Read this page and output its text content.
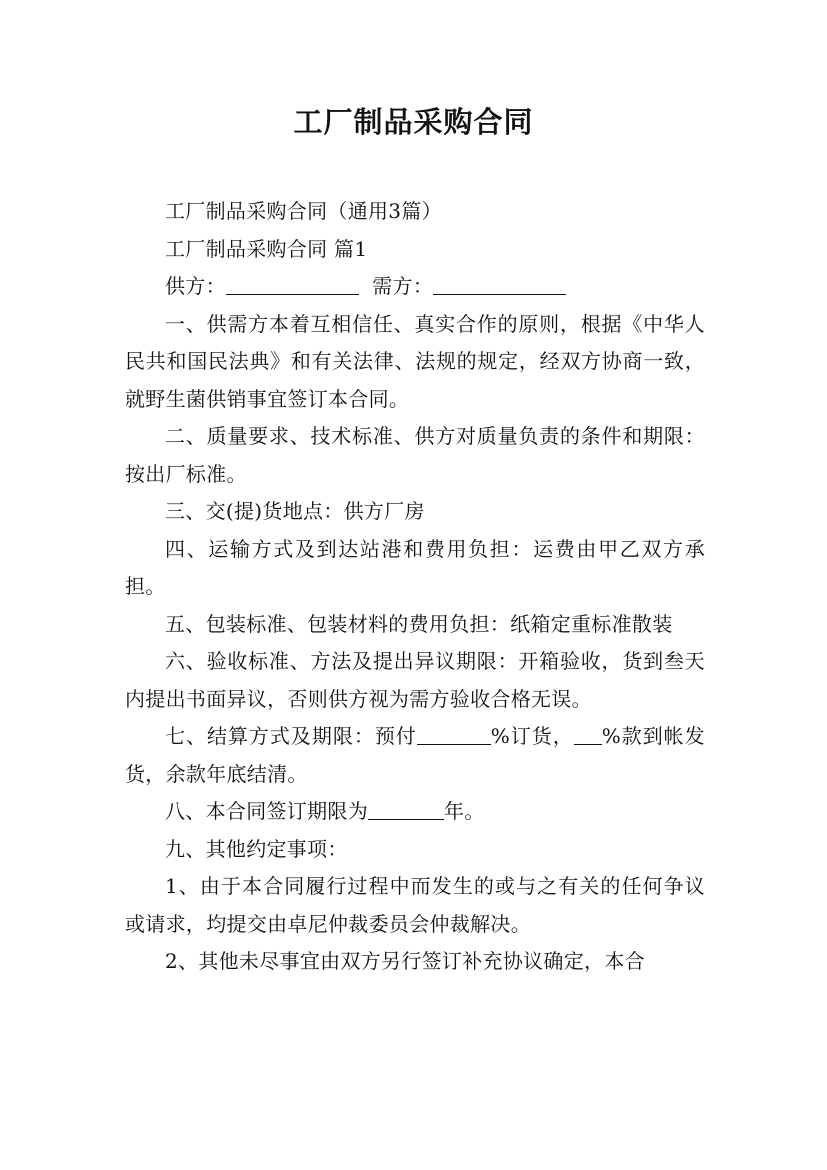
工厂制品采购合同

工厂制品采购合同（通用3篇）

工厂制品采购合同 篇1

供方：	需方：

一、供需方本着互相信任、真实合作的原则，根据《中华人民共和国民法典》和有关法律、法规的规定，经双方协商一致，就野生菌供销事宜签订本合同。

二、质量要求、技术标准、供方对质量负责的条件和期限：按出厂标准。

三、交(提)货地点：供方厂房

四、运输方式及到达站港和费用负担：运费由甲乙双方承担。

五、包装标准、包装材料的费用负担：纸箱定重标准散装

六、验收标准、方法及提出异议期限：开箱验收，货到叁天内提出书面异议，否则供方视为需方验收合格无误。

七、结算方式及期限：预付	%订货， %款到帐发货，余款年底结清。

八、本合同签订期限为	年。

九、其他约定事项：

1、由于本合同履行过程中而发生的或与之有关的任何争议或请求，均提交由卓尼仲裁委员会仲裁解决。

2、其他未尽事宜由双方另行签订补充协议确定，本合
